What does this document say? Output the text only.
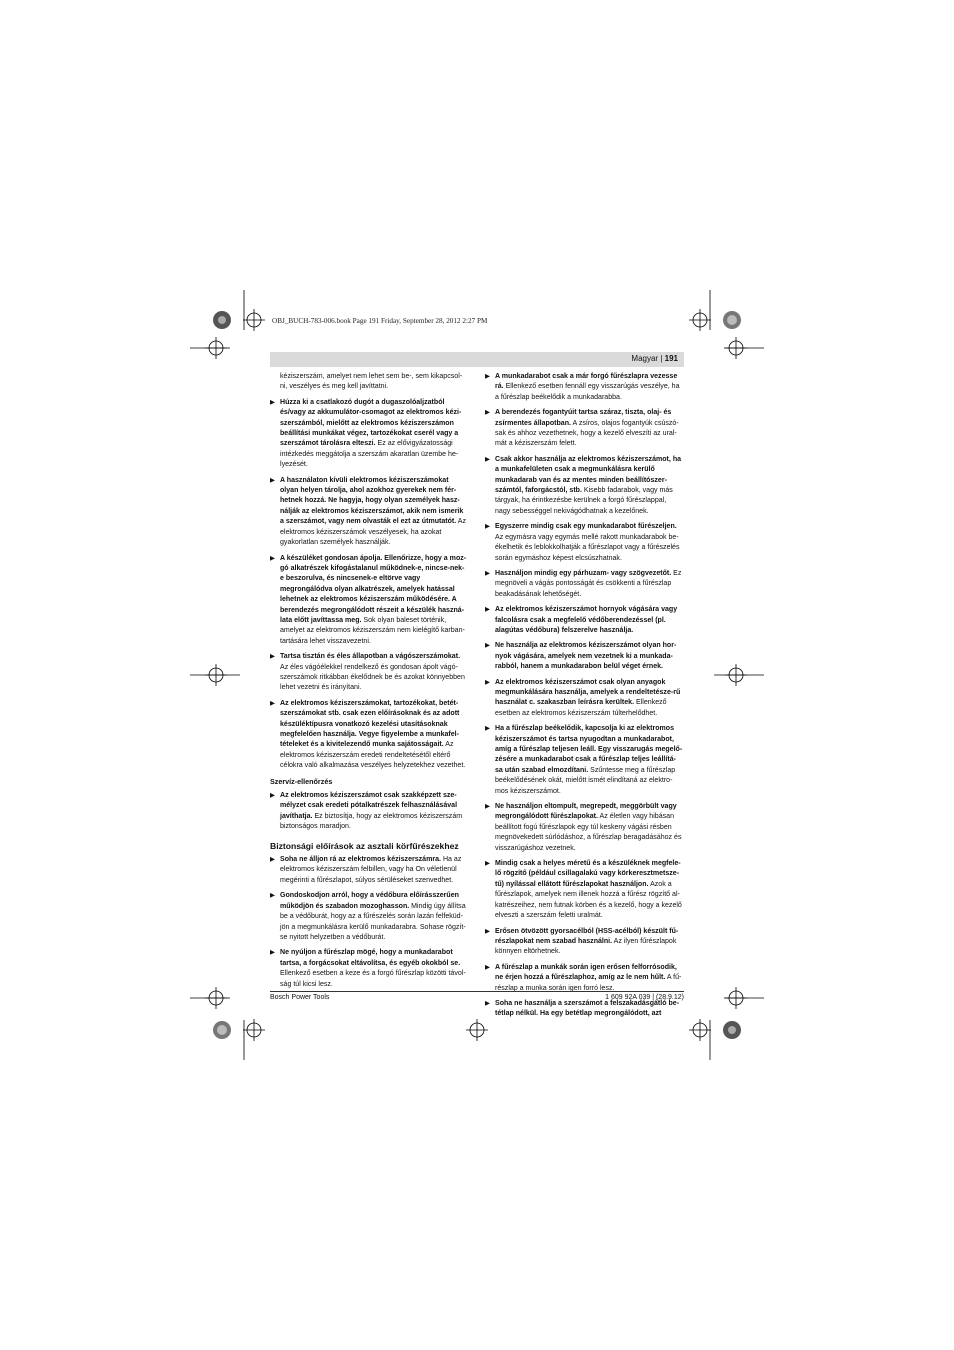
OBJ_BUCH-783-006.book Page 191 Friday, September 28, 2012 2:27 PM
Magyar | 191
kéziszerszám, amelyet nem lehet sem be-, sem kikapcsol-ni, veszélyes és meg kell javíttatni.
▶ Húzza ki a csatlakozó dugót a dugaszolóaljzatból és/vagy az akkumulátor-csomagot az elektromos kézi-szerszámból, mielőtt az elektromos kéziszerszámon beállítási munkákat végez, tartozékokat cserél vagy a szerszámot tárolásra elteszi. Ez az elővigyázatossági intézkedés meggátolja a szerszám akaratlan üzembe he-lyezését.
▶ A használaton kívüli elektromos kéziszerszámokat olyan helyen tárolja, ahol azokhoz gyerekek nem fér-hetnek hozzá. Ne hagyja, hogy olyan személyek hasz-nálják az elektromos kéziszerszámot, akik nem ismerik a szerszámot, vagy nem olvasták el ezt az útmutatót. Az elektromos kéziszerszámok veszélyesek, ha azokat gyakorlatlan személyek használják.
▶ A készüléket gondosan ápolja. Ellenőrizze, hogy a moz-gó alkatrészek kifogástalanul működnek-e, nincse-nek-e beszorulva, és nincsenek-e eltörve vagy megrongálódva olyan alkatrészek, amelyek hatással lehetnek az elektromos kéziszerszám működésére. A berendezés megrongálódott részeit a készülék haszná-lata előtt javíttassa meg. Sok olyan baleset történik, amelyet az elektromos kéziszerszám nem kielégítő karban-tartására lehet visszavezetni.
▶ Tartsa tisztán és éles állapotban a vágószerszámokat. Az éles vágóélekkel rendelkező és gondosan ápolt vágó-szerszámok ritkábban ékelődnek be és azokat könnyebben lehet vezetni és irányítani.
▶ Az elektromos kéziszerszámokat, tartozékokat, betét-szerszámokat stb. csak ezen előírásoknak és az adott készüléktípusra vonatkozó kezelési utasításoknak megfelelően használja. Vegye figyelembe a munkafel-tételeket és a kivitelezendő munka sajátosságait. Az elektromos kéziszerszám eredeti rendeltetésétől eltérő célokra való alkalmazása veszélyes helyzetekhez vezethet.
Szervíz-ellenőrzés
▶ Az elektromos kéziszerszámot csak szakképzett sze-mélyzet csak eredeti pótalkatrészek felhasználásával javíthatja. Ez biztosítja, hogy az elektromos kéziszerszám biztonságos maradjon.
Biztonsági előírások az asztali körfűrészekhez
▶ Soha ne álljon rá az elektromos kéziszerszámra. Ha az elektromos kéziszerszám felbillen, vagy ha On véletlenül megérinti a fűrészlapot, súlyos sérüléseket szenvedhet.
▶ Gondoskodjon arról, hogy a védőbura előírásszerűen működjön és szabadon mozoghasson. Mindig úgy állítsa be a védőburát, hogy az a fűrészelés során lazán felfeküd-jön a megmunkálásra kerülő munkadarabra. Sohase rögzít-se nyitott helyzetben a védőburát.
▶ Ne nyúljon a fűrészlap mögé, hogy a munkadarabot tartsa, a forgácsokat eltávolítsa, és egyéb okokból se. Ellenkező esetben a keze és a forgó fűrészlap közötti távol-ság túl kicsi lesz.
▶ A munkadarabot csak a már forgó fűrészlapra vezesse rá. Ellenkező esetben fennáll egy visszarúgás veszélye, ha a fűrészlap beékelődik a munkadarabba.
▶ A berendezés fogantyúit tartsa száraz, tiszta, olaj- és zsírmentes állapotban. A zsíros, olajos fogantyúk csúszó-sak és ahhoz vezethetnek, hogy a kezelő elveszíti az ural-mát a kéziszerszám felett.
▶ Csak akkor használja az elektromos kéziszerszámot, ha a munkafelületen csak a megmunkálásra kerülő munkadarab van és az mentes minden beállítószer-számtól, faforgácstól, stb. Kisebb fadarabok, vagy más tárgyak, ha érintkezésbe kerülnek a forgó fűrészlappal, nagy sebességgel nekivágódhatnak a kezelőnek.
▶ Egyszerre mindig csak egy munkadarabot fűrészeljen. Az egymásra vagy egymás mellé rakott munkadarabok be-ékelhetik és leblokkolhatják a fűrészlapot vagy a fűrészelés során egymáshoz képest elcsúszhatnak.
▶ Használjon mindig egy párhuzam- vagy szögvezetőt. Ez megnöveli a vágás pontosságát és csökkenti a fűrészlap beakadásának lehetőségét.
▶ Az elektromos kéziszerszámot hornyok vágására vagy falcolásra csak a megfelelő védőberendezéssel (pl. alagútas védőbura) felszerelve használja.
▶ Ne használja az elektromos kéziszerszámot olyan hor-nyok vágására, amelyek nem vezetnek ki a munkada-rabból, hanem a munkadarabon belül véget érnek.
▶ Az elektromos kéziszerszámot csak olyan anyagok megmunkálására használja, amelyek a rendeltetésze-rű használat c. szakaszban leírásra kerültek. Ellenkező esetben az elektromos kéziszerszám túlterhelődhet.
▶ Ha a fűrészlap beékelődik, kapcsolja ki az elektromos kéziszerszámot és tartsa nyugodtan a munkadarabot, amíg a fűrészlap teljesen leáll. Egy visszarugás megelő-zésére a munkadarabot csak a fűrészlap teljes leállítá-sa után szabad elmozdítani. Szűntesse meg a fűrészlap beékelődésének okát, mielőtt ismét elindítaná az elektro-mos kéziszerszámot.
▶ Ne használjon eltompult, megrepedt, meggörbült vagy megrongálódott fűrészlapokat. Az életlen vagy hibásan beállított fogú fűrészlapok egy túl keskeny vágási résben megnövekedett súrlódáshoz, a fűrészlap beragadásához és visszarúgáshoz vezetnek.
▶ Mindig csak a helyes méretű és a készüléknek megfele-lő rögzítő (például csillagalakú vagy körkeresztmetsze-tű) nyílással ellátott fűrészlapokat használjon. Azok a fűrészlapok, amelyek nem illenek hozzá a fűrész rögzítő al-katrészeihez, nem futnak körben és a kezelő, hogy a kezelő elveszti a szerszám feletti uralmát.
▶ Erősen ötvözött gyorsacélból (HSS-acélból) készült fű-részlapokat nem szabad használni. Az ilyen fűrészlapok könnyen eltörhetnek.
▶ A fűrészlap a munkák során igen erősen felforrósodik, ne érjen hozzá a fűrészlaphoz, amíg az le nem hűlt. A fű-részlap a munka során igen forró lesz.
▶ Soha ne használja a szerszámot a felszakadásgátló be-tétlap nélkül. Ha egy betétlap megrongálódott, azt
Bosch Power Tools	1 609 92A 039 | (28.9.12)
